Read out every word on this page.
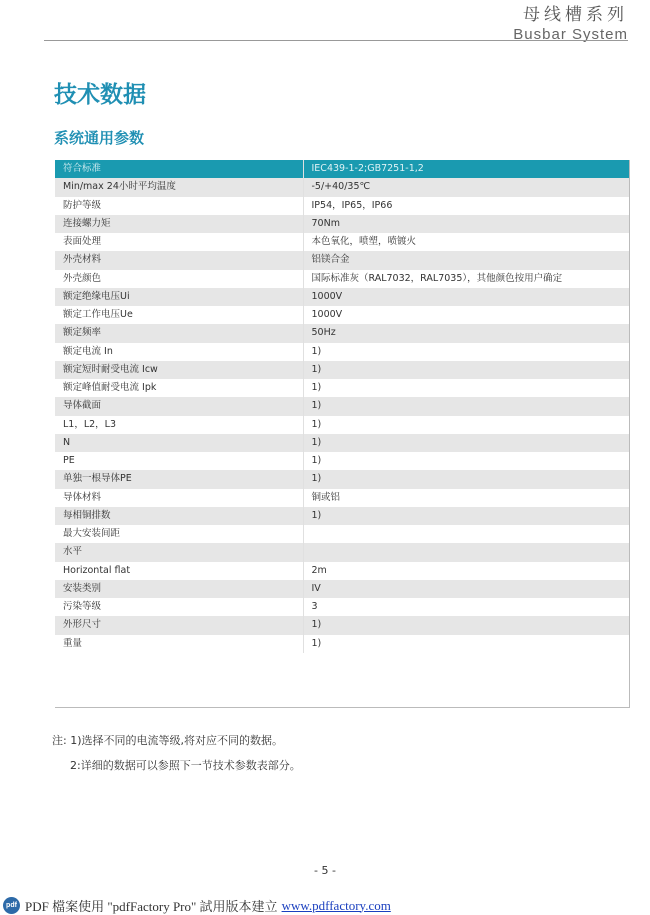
母线槽系列
Busbar System
技术数据
系统通用参数
符合标准	IEC439-1-2;GB7251-1,2
Min/max 24小时平均温度	-5/+40/35℃
防护等级	IP54，IP65，IP66
连接螺力矩	70Nm
表面处理	本色氧化，喷塑，喷镀火
外壳材料	铝镁合金
外壳颜色	国际标准灰（RAL7032，RAL7035），其他颜色按用户确定
额定绝缘电压Ui	1000V
额定工作电压Ue	1000V
额定频率	50Hz
额定电流 In	1)
额定短时耐受电流 Icw	1)
额定峰值耐受电流 Ipk	1)
导体截面	1)
L1，L2，L3	1)
N	1)
PE	1)
单独一根导体PE	1)
导体材料	铜或铝
每相铜排数	1)
最大安装间距	
水平	
Horizontal flat	2m
安装类别	IV
污染等级	3
外形尺寸	1)
重量	1)
注: 1)选择不同的电流等级,将对应不同的数据。
2:详细的数据可以参照下一节技术参数表部分。
- 5 -
pdf PDF 檔案使用 "pdfFactory Pro" 試用版本建立 www.pdffactory.com
